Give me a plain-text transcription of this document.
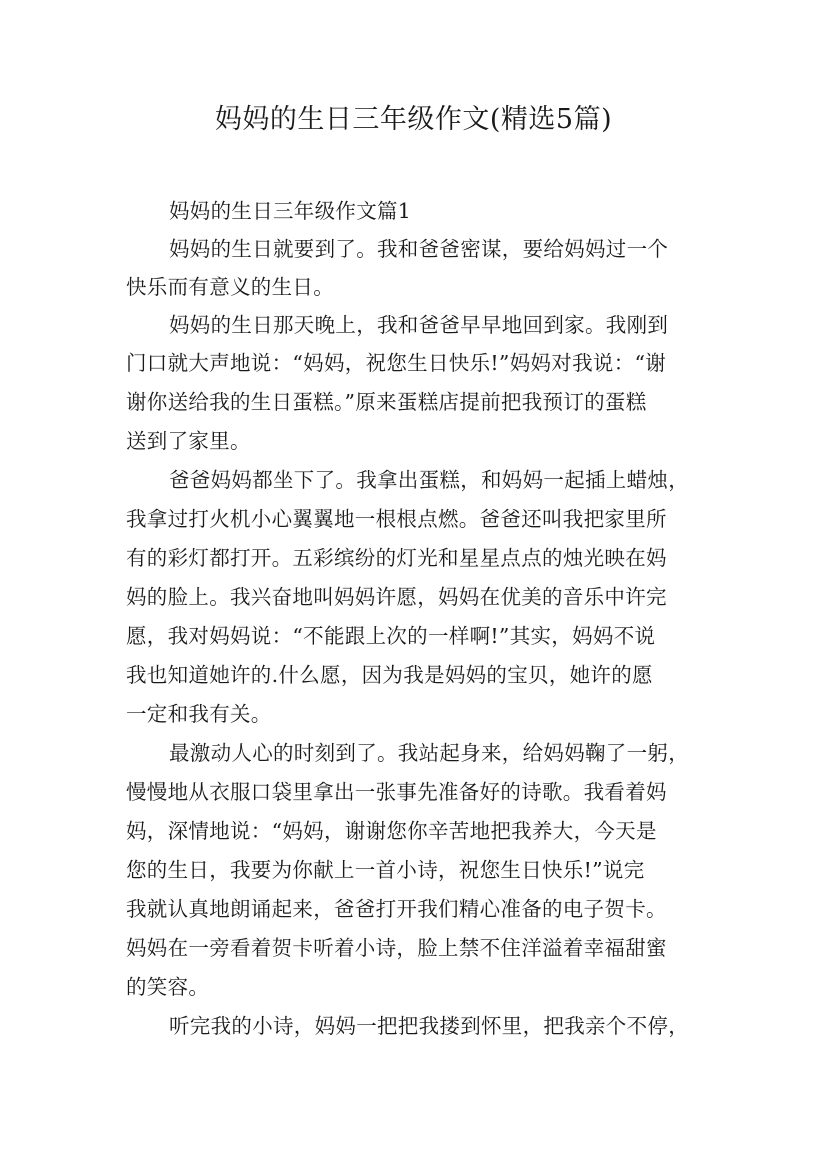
妈妈的生日三年级作文(精选5篇)
妈妈的生日三年级作文篇1
妈妈的生日就要到了。我和爸爸密谋，要给妈妈过一个
快乐而有意义的生日。
妈妈的生日那天晚上，我和爸爸早早地回到家。我刚到
门口就大声地说：“妈妈，祝您生日快乐!”妈妈对我说：“谢
谢你送给我的生日蛋糕。”原来蛋糕店提前把我预订的蛋糕
送到了家里。
爸爸妈妈都坐下了。我拿出蛋糕，和妈妈一起插上蜡烛，
我拿过打火机小心翼翼地一根根点燃。爸爸还叫我把家里所
有的彩灯都打开。五彩缤纷的灯光和星星点点的烛光映在妈
妈的脸上。我兴奋地叫妈妈许愿，妈妈在优美的音乐中许完
愿，我对妈妈说：“不能跟上次的一样啊!”其实，妈妈不说
我也知道她许的.什么愿，因为我是妈妈的宝贝，她许的愿
一定和我有关。
最激动人心的时刻到了。我站起身来，给妈妈鞠了一躬，
慢慢地从衣服口袋里拿出一张事先准备好的诗歌。我看着妈
妈，深情地说：“妈妈，谢谢您你辛苦地把我养大，今天是
您的生日，我要为你献上一首小诗，祝您生日快乐!”说完
我就认真地朗诵起来，爸爸打开我们精心准备的电子贺卡。
妈妈在一旁看着贺卡听着小诗，脸上禁不住洋溢着幸福甜蜜
的笑容。
听完我的小诗，妈妈一把把我搂到怀里，把我亲个不停，
